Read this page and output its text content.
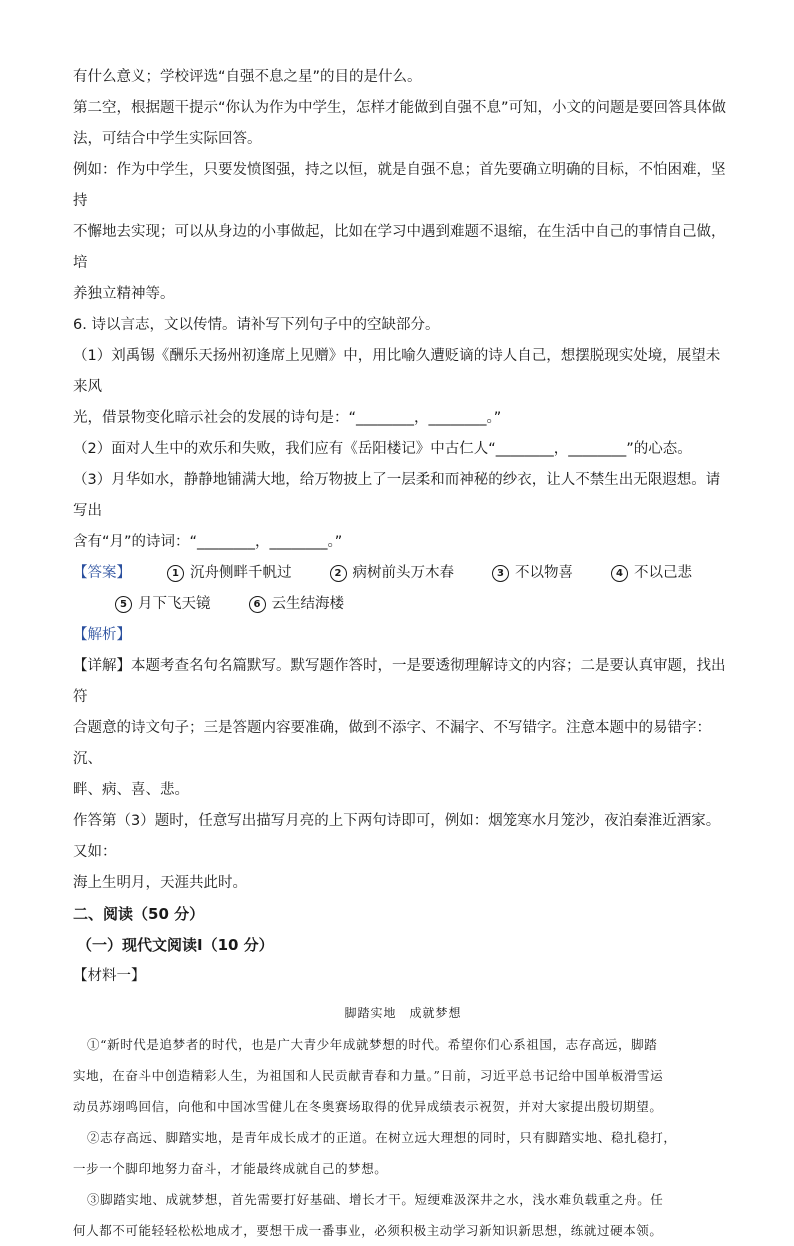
有什么意义；学校评选“自强不息之星”的目的是什么。

第二空，根据题干提示“你认为作为中学生，怎样才能做到自强不息”可知，小文的问题是要回答具体做

法，可结合中学生实际回答。

例如：作为中学生，只要发愤图强，持之以恒，就是自强不息；首先要确立明确的目标，不怕困难，坚持

不懈地去实现；可以从身边的小事做起，比如在学习中遇到难题不退缩，在生活中自己的事情自己做，培

养独立精神等。

6. 诗以言志，文以传情。请补写下列句子中的空缺部分。

（1）刘禹锡《酬乐天扬州初逢席上见赠》中，用比喻久遭贬谪的诗人自己，想摆脱现实处境，展望未来风

光，借景物变化暗示社会的发展的诗句是：“________，________。”

（2）面对人生中的欢乐和失败，我们应有《岳阳楼记》中古仁人“________，________”的心态。

（3）月华如水，静静地铺满大地，给万物披上了一层柔和而神秘的纱衣，让人不禁生出无限遐想。请写出

含有“月”的诗词：“________，________。”

【答案】	1 沉舟侧畔千帆过	2 病树前头万木春	3 不以物喜	4 不以己悲
5 月下飞天镜	6 云生结海楼

【解析】

【详解】本题考查名句名篇默写。默写题作答时，一是要透彻理解诗文的内容；二是要认真审题，找出符

合题意的诗文句子；三是答题内容要准确，做到不添字、不漏字、不写错字。注意本题中的易错字：沉、

畔、病、喜、悲。

作答第（3）题时，任意写出描写月亮的上下两句诗即可，例如：烟笼寒水月笼沙，夜泊秦淮近酒家。又如：

海上生明月，天涯共此时。

二、阅读（50 分）

（一）现代文阅读Ⅰ（10 分）

【材料一】

脚踏实地　成就梦想

①“新时代是追梦者的时代，也是广大青少年成就梦想的时代。希望你们心系祖国，志存高远，脚踏

实地，在奋斗中创造精彩人生，为祖国和人民贡献青春和力量。”日前，习近平总书记给中国单板滑雪运

动员苏翊鸣回信，向他和中国冰雪健儿在冬奥赛场取得的优异成绩表示祝贺，并对大家提出殷切期望。

②志存高远、脚踏实地，是青年成长成才的正道。在树立远大理想的同时，只有脚踏实地、稳扎稳打，

一步一个脚印地努力奋斗，才能最终成就自己的梦想。

③脚踏实地、成就梦想，首先需要打好基础、增长才干。短绠难汲深井之水，浅水难负载重之舟。任

何人都不可能轻轻松松地成才，要想干成一番事业，必须积极主动学习新知识新思想，练就过硬本领。
